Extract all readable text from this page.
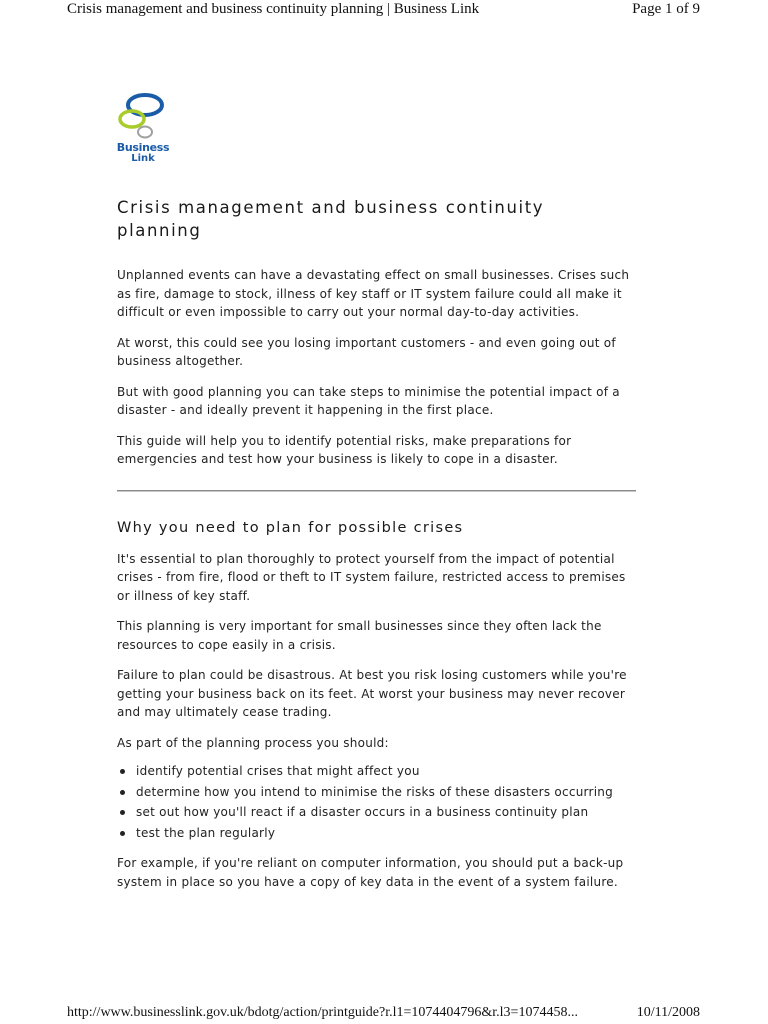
Crisis management and business continuity planning | Business Link	Page 1 of 9
Business
Link
Crisis management and business continuity planning

Unplanned events can have a devastating effect on small businesses. Crises such as fire, damage to stock, illness of key staff or IT system failure could all make it difficult or even impossible to carry out your normal day-to-day activities.

At worst, this could see you losing important customers - and even going out of business altogether.

But with good planning you can take steps to minimise the potential impact of a disaster - and ideally prevent it happening in the first place.

This guide will help you to identify potential risks, make preparations for emergencies and test how your business is likely to cope in a disaster.

Why you need to plan for possible crises

It's essential to plan thoroughly to protect yourself from the impact of potential crises - from fire, flood or theft to IT system failure, restricted access to premises or illness of key staff.

This planning is very important for small businesses since they often lack the resources to cope easily in a crisis.

Failure to plan could be disastrous. At best you risk losing customers while you're getting your business back on its feet. At worst your business may never recover and may ultimately cease trading.

As part of the planning process you should:

identify potential crises that might affect you
determine how you intend to minimise the risks of these disasters occurring
set out how you'll react if a disaster occurs in a business continuity plan
test the plan regularly

For example, if you're reliant on computer information, you should put a back-up system in place so you have a copy of key data in the event of a system failure.

http://www.businesslink.gov.uk/bdotg/action/printguide?r.l1=1074404796&r.l3=1074458...	10/11/2008
